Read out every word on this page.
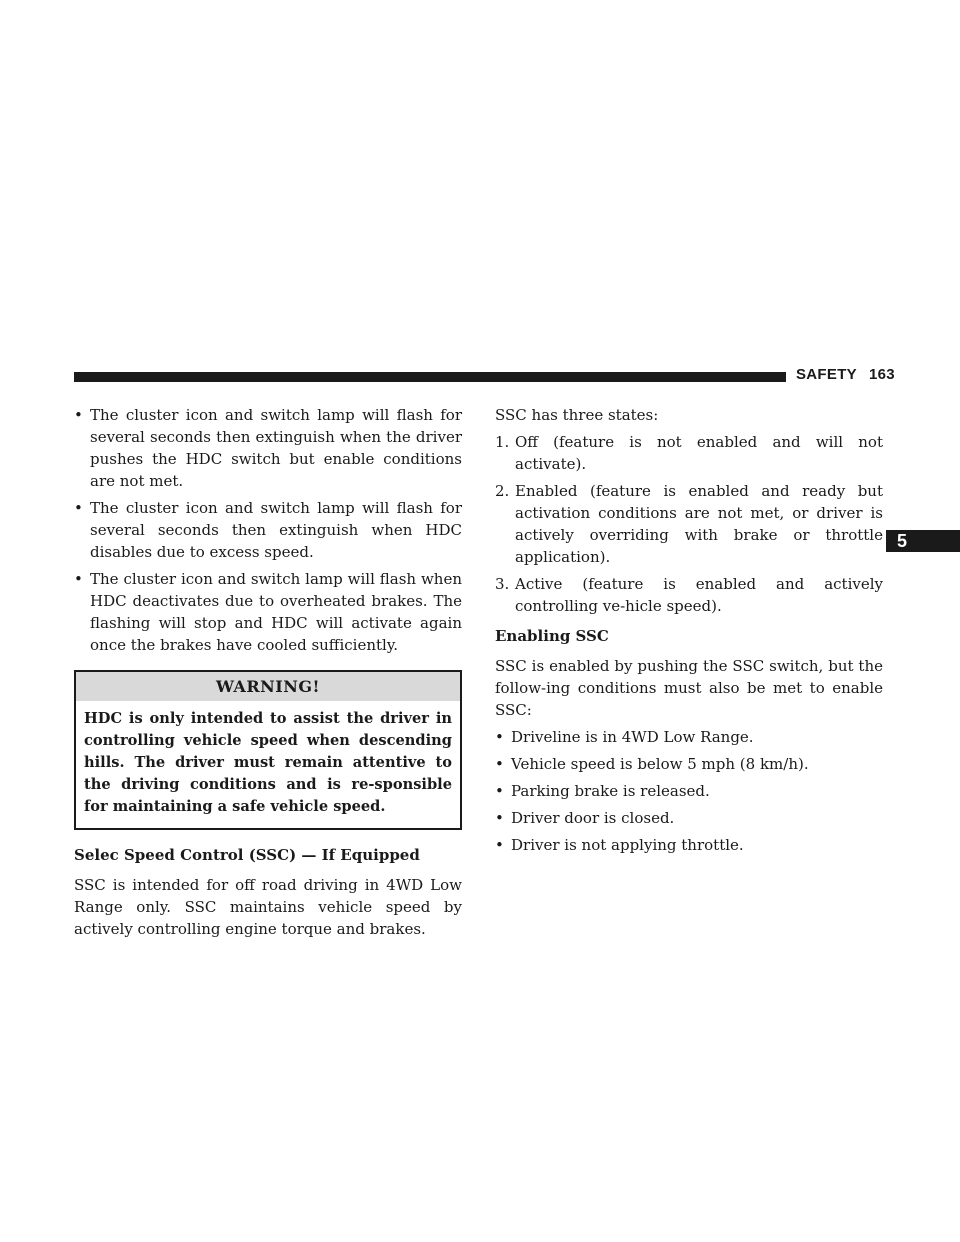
SAFETY 163
5
• The cluster icon and switch lamp will flash for several seconds then extinguish when the driver pushes the HDC switch but enable conditions are not met.
• The cluster icon and switch lamp will flash for several seconds then extinguish when HDC disables due to excess speed.
• The cluster icon and switch lamp will flash when HDC deactivates due to overheated brakes. The flashing will stop and HDC will activate again once the brakes have cooled sufficiently.
WARNING!
HDC is only intended to assist the driver in controlling vehicle speed when descending hills. The driver must remain attentive to the driving conditions and is re-sponsible for maintaining a safe vehicle speed.
Selec Speed Control (SSC) — If Equipped
SSC is intended for off road driving in 4WD Low Range only. SSC maintains vehicle speed by actively controlling engine torque and brakes.
SSC has three states:
1. Off (feature is not enabled and will not activate).
2. Enabled (feature is enabled and ready but activation conditions are not met, or driver is actively overriding with brake or throttle application).
3. Active (feature is enabled and actively controlling ve-hicle speed).
Enabling SSC
SSC is enabled by pushing the SSC switch, but the follow-ing conditions must also be met to enable SSC:
• Driveline is in 4WD Low Range.
• Vehicle speed is below 5 mph (8 km/h).
• Parking brake is released.
• Driver door is closed.
• Driver is not applying throttle.
